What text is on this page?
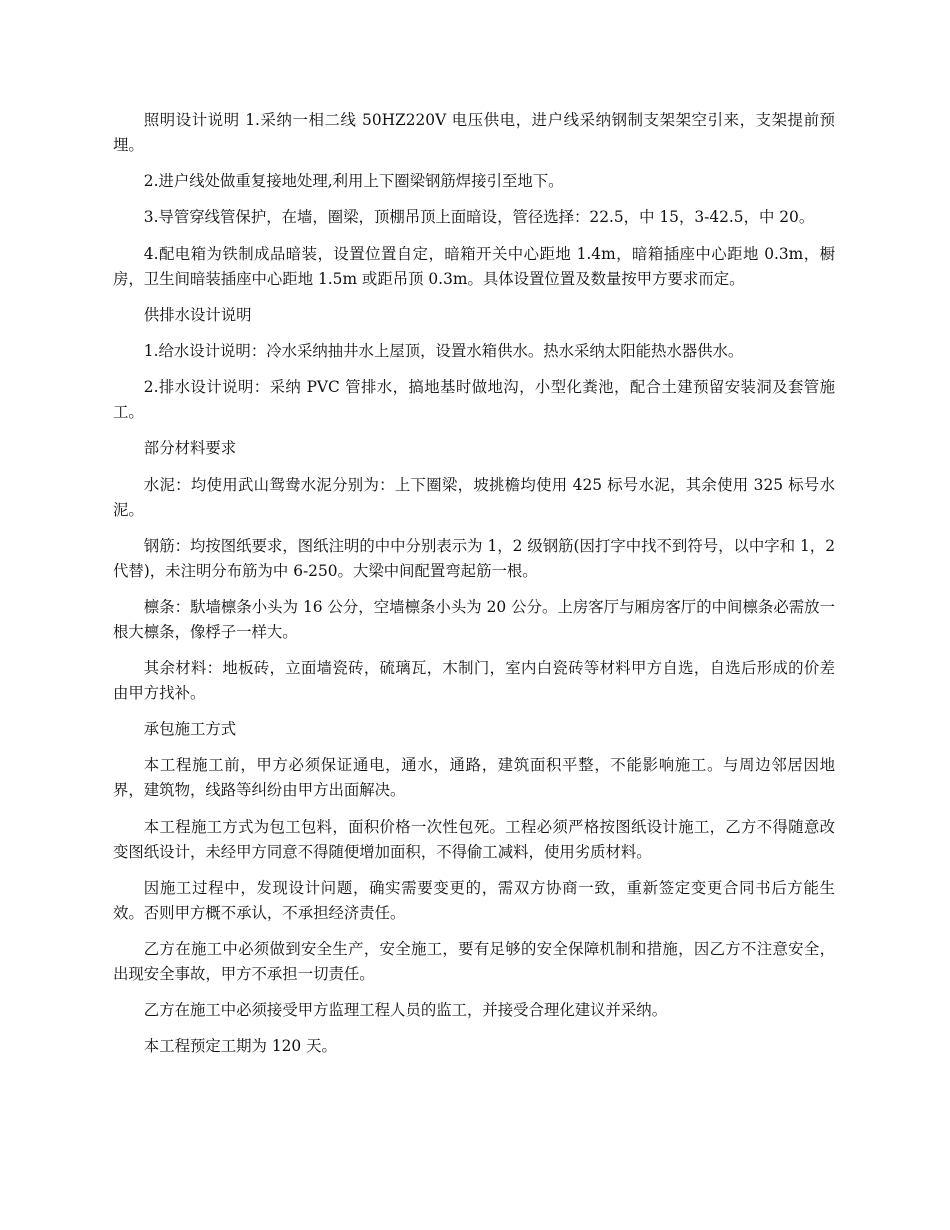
照明设计说明 1.采纳一相二线 50HZ220V 电压供电，进户线采纳钢制支架架空引来，支架提前预埋。

2.进户线处做重复接地处理,利用上下圈梁钢筋焊接引至地下。

3.导管穿线管保护，在墙，圈梁，顶棚吊顶上面暗设，管径选择：22.5，中 15，3-42.5，中 20。

4.配电箱为铁制成品暗装，设置位置自定，暗箱开关中心距地 1.4m，暗箱插座中心距地 0.3m，橱房，卫生间暗装插座中心距地 1.5m 或距吊顶 0.3m。具体设置位置及数量按甲方要求而定。

供排水设计说明

1.给水设计说明：冷水采纳抽井水上屋顶，设置水箱供水。热水采纳太阳能热水器供水。

2.排水设计说明：采纳 PVC 管排水，搞地基时做地沟，小型化粪池，配合土建预留安装洞及套管施工。

部分材料要求

水泥：均使用武山鸳鸯水泥分别为：上下圈梁，坡挑檐均使用 425 标号水泥，其余使用 325 标号水泥。

钢筋：均按图纸要求，图纸注明的中中分别表示为 1，2 级钢筋(因打字中找不到符号，以中字和 1，2 代替)，未注明分布筋为中 6-250。大梁中间配置弯起筋一根。

檩条：馱墙檩条小头为 16 公分，空墙檩条小头为 20 公分。上房客厅与厢房客厅的中间檩条必需放一根大檩条，像桴子一样大。

其余材料：地板砖，立面墙瓷砖，硫璃瓦，木制门，室内白瓷砖等材料甲方自选，自选后形成的价差由甲方找补。

承包施工方式

本工程施工前，甲方必须保证通电，通水，通路，建筑面积平整，不能影响施工。与周边邻居因地界，建筑物，线路等纠纷由甲方出面解决。

本工程施工方式为包工包料，面积价格一次性包死。工程必须严格按图纸设计施工，乙方不得随意改变图纸设计，未经甲方同意不得随便增加面积，不得偷工减料，使用劣质材料。

因施工过程中，发现设计问题，确实需要变更的，需双方协商一致，重新签定变更合同书后方能生效。否则甲方概不承认，不承担经济责任。

乙方在施工中必须做到安全生产，安全施工，要有足够的安全保障机制和措施，因乙方不注意安全，出现安全事故，甲方不承担一切责任。

乙方在施工中必须接受甲方监理工程人员的监工，并接受合理化建议并采纳。

本工程预定工期为 120 天。
